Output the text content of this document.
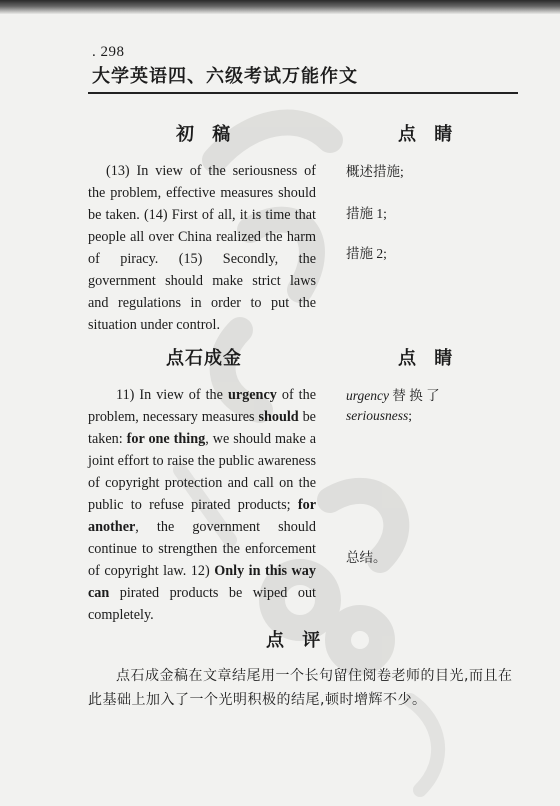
. 298
大学英语四、六级考试万能作文
初 稿

(13) In view of the seriousness of the problem, effective measures should be taken. (14) First of all, it is time that people all over China realized the harm of piracy. (15) Secondly, the government should make strict laws and regulations in order to put the situation under control.

点 睛
概述措施;
措施 1;
措施 2;
点石成金

11) In view of the urgency of the problem, necessary measures should be taken: for one thing, we should make a joint effort to raise the public awareness of copyright protection and call on the public to refuse pirated products; for another, the government should continue to strengthen the enforcement of copyright law. 12) Only in this way can pirated products be wiped out completely.

点 睛
urgency 替 换 了 seriousness;
总结。
点 评
点石成金稿在文章结尾用一个长句留住阅卷老师的目光,而且在此基础上加入了一个光明积极的结尾,顿时增辉不少。
